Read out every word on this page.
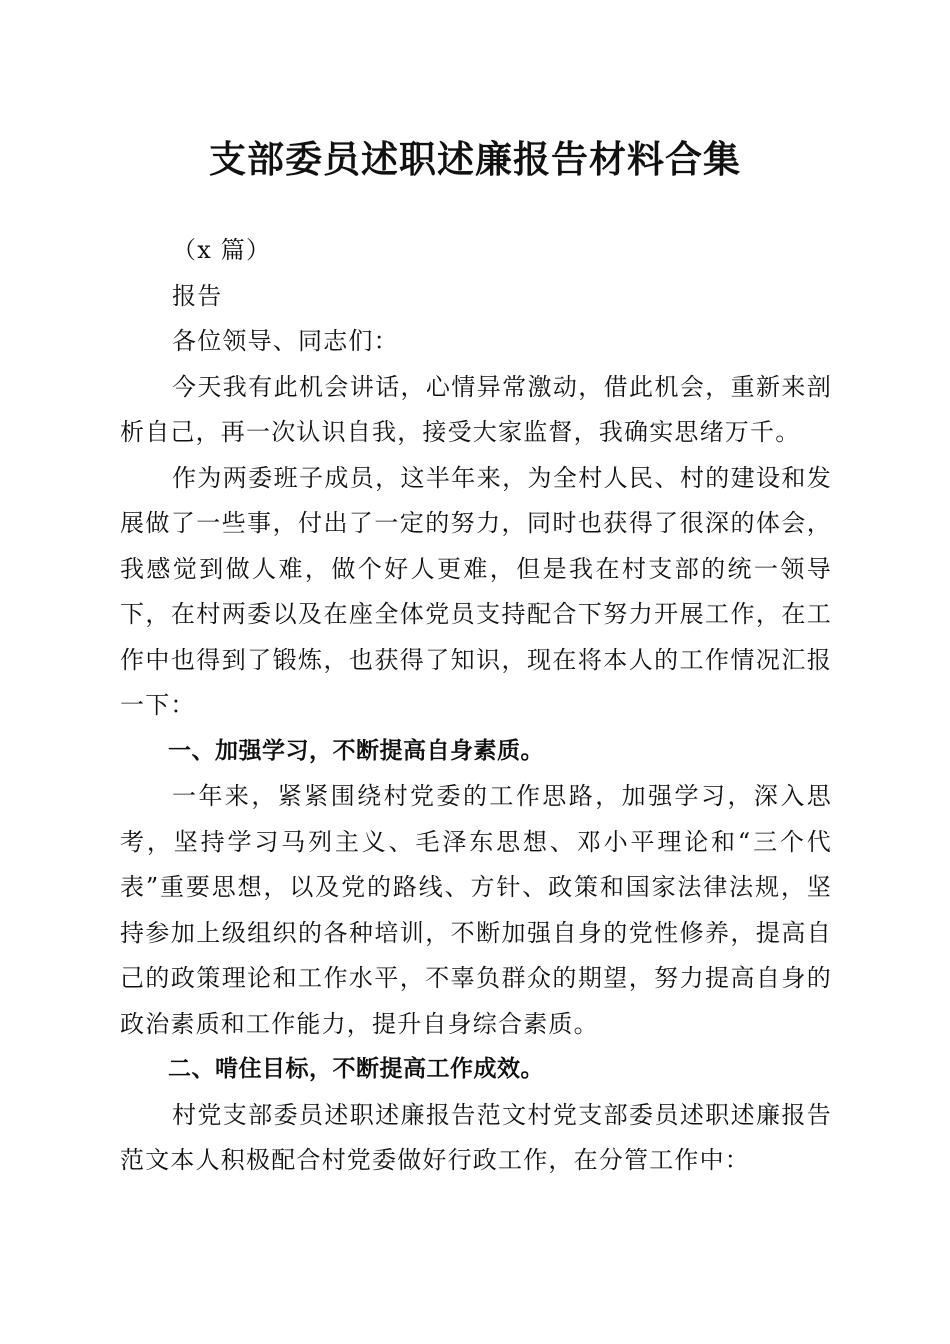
支部委员述职述廉报告材料合集

（x 篇）

报告

各位领导、同志们：

今天我有此机会讲话，心情异常激动，借此机会，重新来剖析自己，再一次认识自我，接受大家监督，我确实思绪万千。

作为两委班子成员，这半年来，为全村人民、村的建设和发展做了一些事，付出了一定的努力，同时也获得了很深的体会，我感觉到做人难，做个好人更难，但是我在村支部的统一领导下，在村两委以及在座全体党员支持配合下努力开展工作，在工作中也得到了锻炼，也获得了知识，现在将本人的工作情况汇报一下：

一、加强学习，不断提高自身素质。

一年来，紧紧围绕村党委的工作思路，加强学习，深入思考，坚持学习马列主义、毛泽东思想、邓小平理论和“三个代表”重要思想，以及党的路线、方针、政策和国家法律法规，坚持参加上级组织的各种培训，不断加强自身的党性修养，提高自己的政策理论和工作水平，不辜负群众的期望，努力提高自身的政治素质和工作能力，提升自身综合素质。

二、啃住目标，不断提高工作成效。

村党支部委员述职述廉报告范文村党支部委员述职述廉报告范文本人积极配合村党委做好行政工作，在分管工作中：
